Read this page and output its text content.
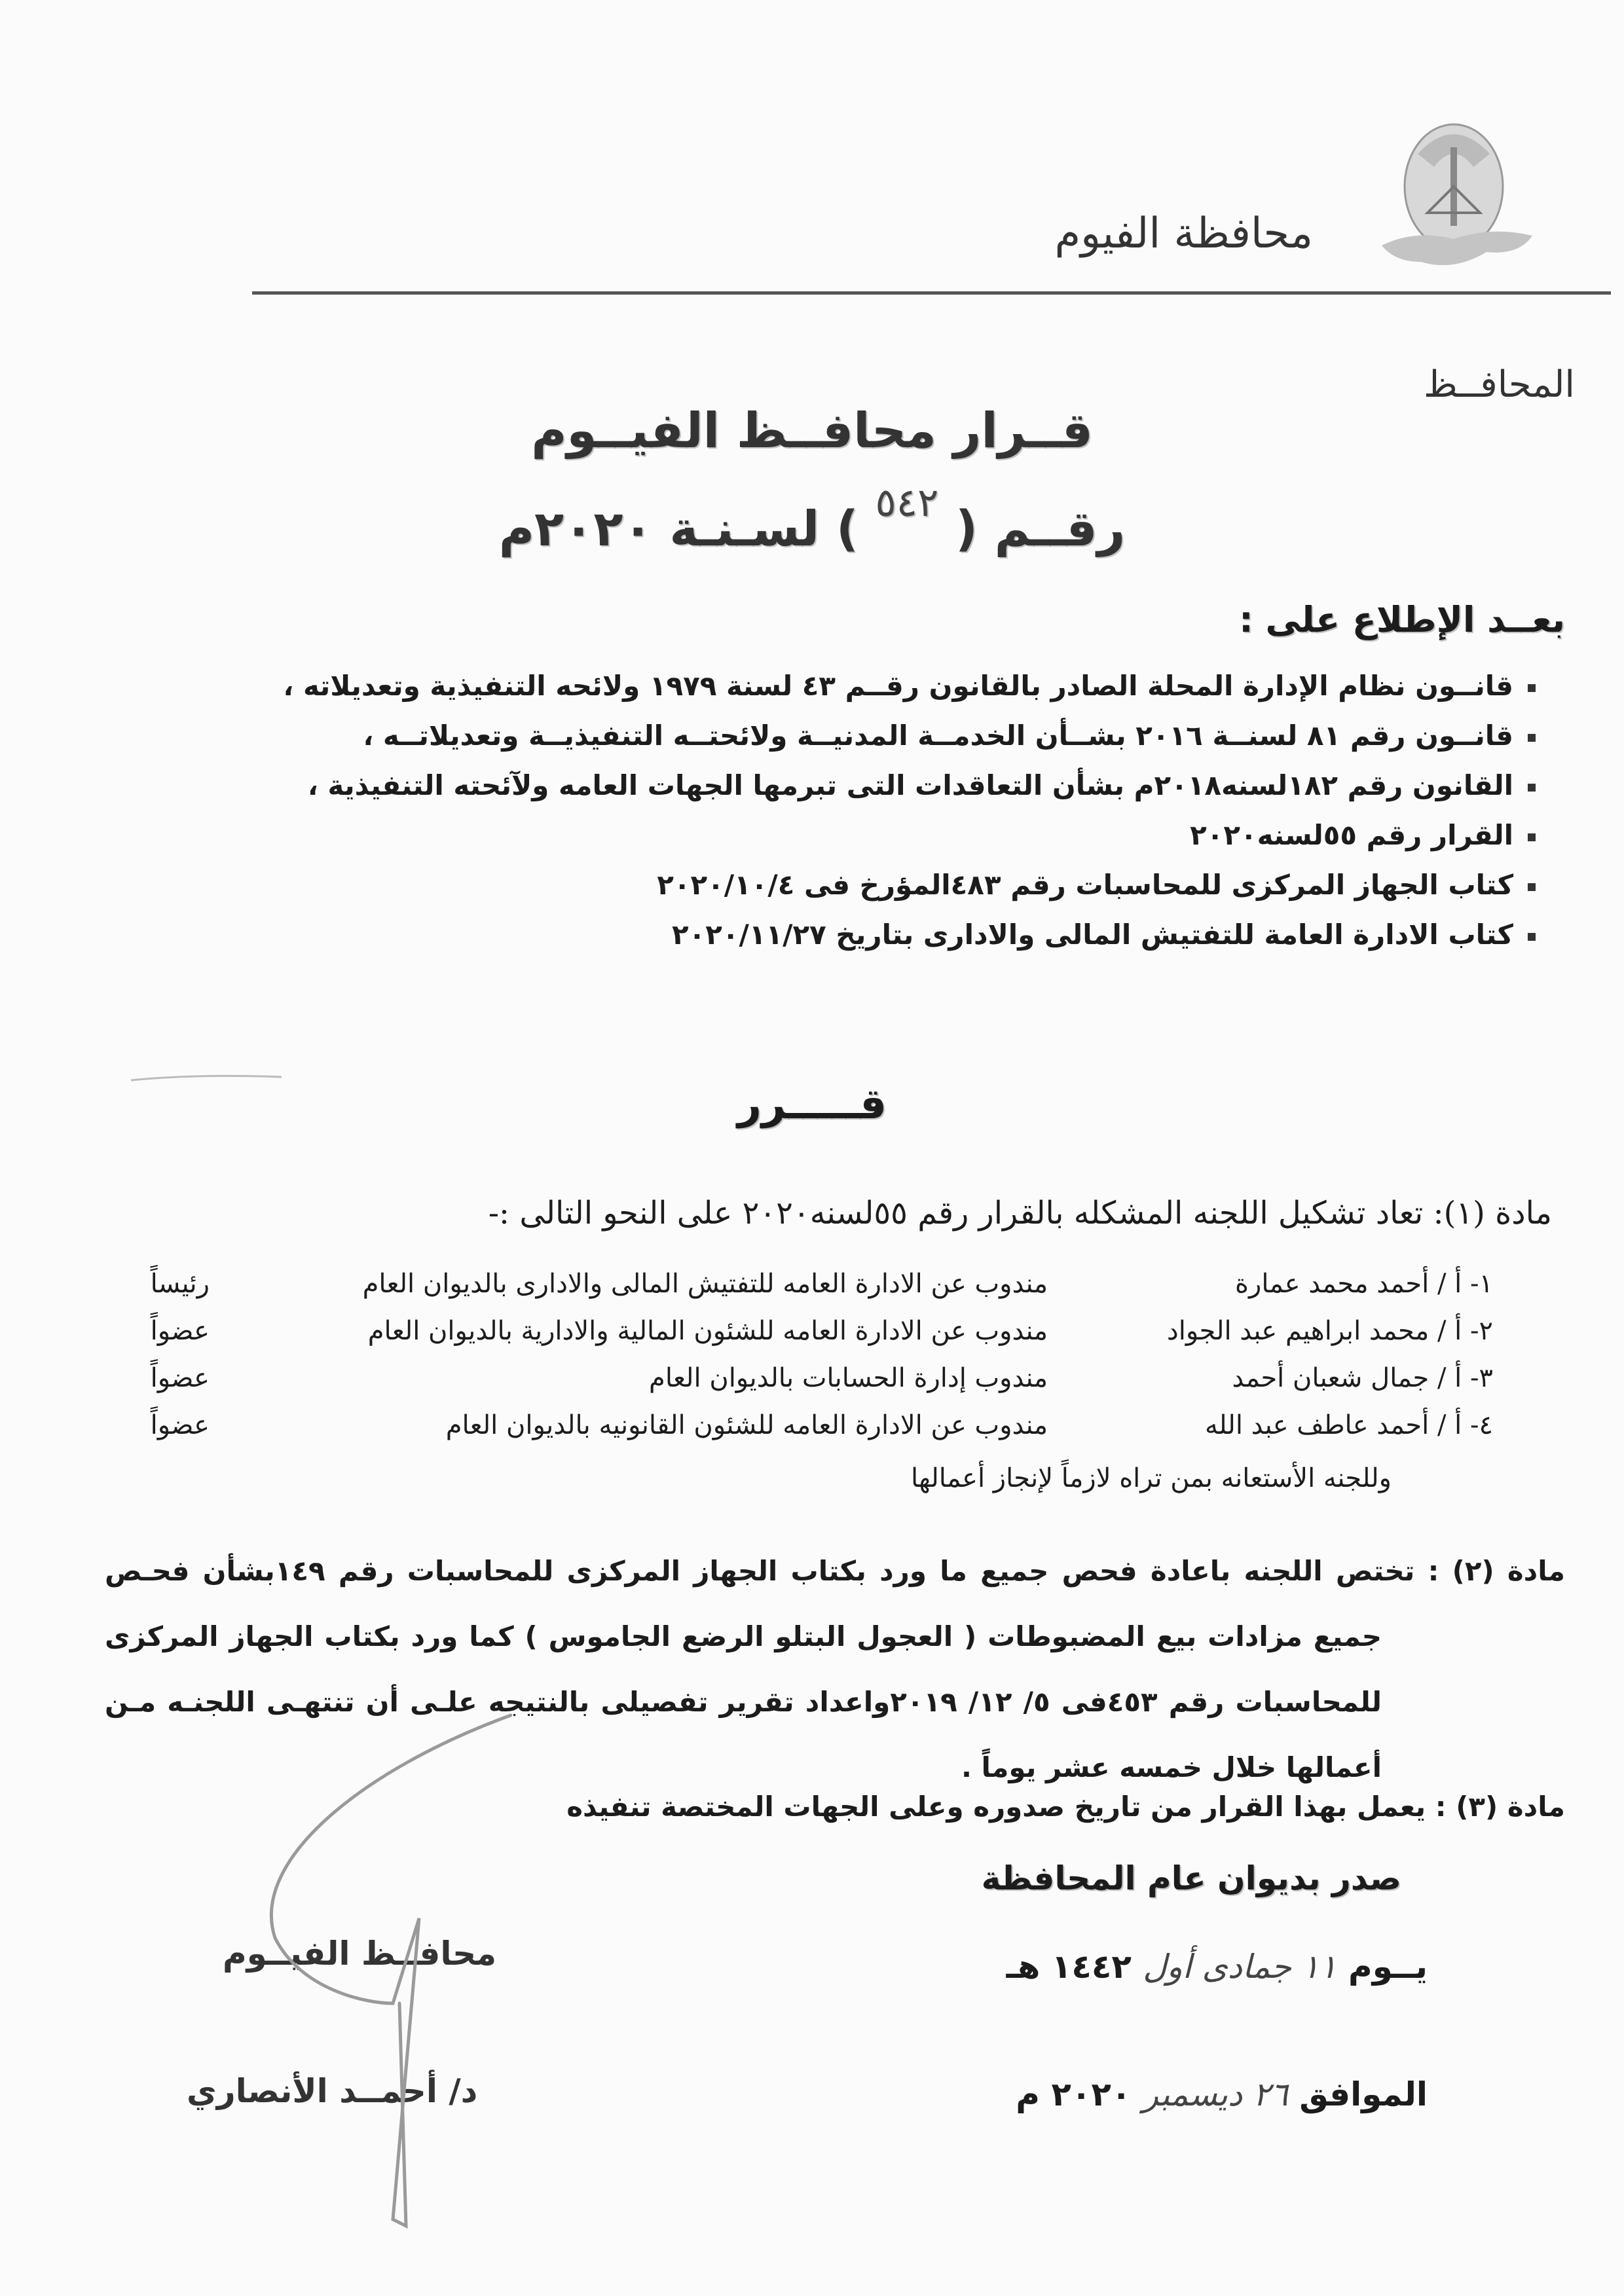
محافظة الفيوم
المحافــظ
قــرار محافــظ الفيــوم
رقــم ( $^{٥٤٢}$ ) لسـنـة ٢٠٢٠م
بعــد الإطلاع على :
قانــون نظام الإدارة المحلة الصادر بالقانون رقــم ٤٣ لسنة ١٩٧٩ ولائحه التنفيذية وتعديلاته ،
قانــون رقم ٨١ لسنــة ٢٠١٦ بشــأن الخدمــة المدنيــة ولائحتــه التنفيذيــة وتعديلاتــه ،
القانون رقم ١٨٢لسنه٢٠١٨م بشأن التعاقدات التى تبرمها الجهات العامه ولآئحته التنفيذية ،
القرار رقم ٥٥لسنه٢٠٢٠
كتاب الجهاز المركزى للمحاسبات رقم ٤٨٣المؤرخ فى ٢٠٢٠/١٠/٤
كتاب الادارة العامة للتفتيش المالى والادارى بتاريخ ٢٠٢٠/١١/٢٧
قـــــرر
مادة (١): تعاد تشكيل اللجنه المشكله بالقرار رقم ٥٥لسنه٢٠٢٠ على النحو التالى :-
١- أ / أحمد محمد عمارة
مندوب عن الادارة العامه للتفتيش المالى والادارى بالديوان العام
رئيساً
٢- أ / محمد ابراهيم عبد الجواد
مندوب عن الادارة العامه للشئون المالية والادارية بالديوان العام
عضواً
٣- أ / جمال شعبان أحمد
مندوب إدارة الحسابات بالديوان العام
عضواً
٤- أ / أحمد عاطف عبد الله
مندوب عن الادارة العامه للشئون القانونيه بالديوان العام
عضواً
وللجنه الأستعانه بمن تراه لازماً لإنجاز أعمالها
مادة (٢) : تختص اللجنه باعادة فحص جميع ما ورد بكتاب الجهاز المركزى للمحاسبات رقم ١٤٩بشأن فحـص
جميع مزادات بيع المضبوطات ( العجول البتلو الرضع الجاموس ) كما ورد بكتاب الجهاز المركزى
للمحاسبات رقم ٤٥٣فى ٥/ ١٢/ ٢٠١٩واعداد تقرير تفصيلى بالنتيجه علـى أن تنتهـى اللجنـه مـن
أعمالها خلال خمسه عشر يوماً .
مادة (٣) : يعمل بهذا القرار من تاريخ صدوره وعلى الجهات المختصة تنفيذه
صدر بديوان عام المحافظة
يــوم ١١ جمادى أول ١٤٤٢ هـ
الموافق ٢٦ ديسمبر ٢٠٢٠ م
محافــظ الفيــوم
د/ أحمــد الأنصاري
